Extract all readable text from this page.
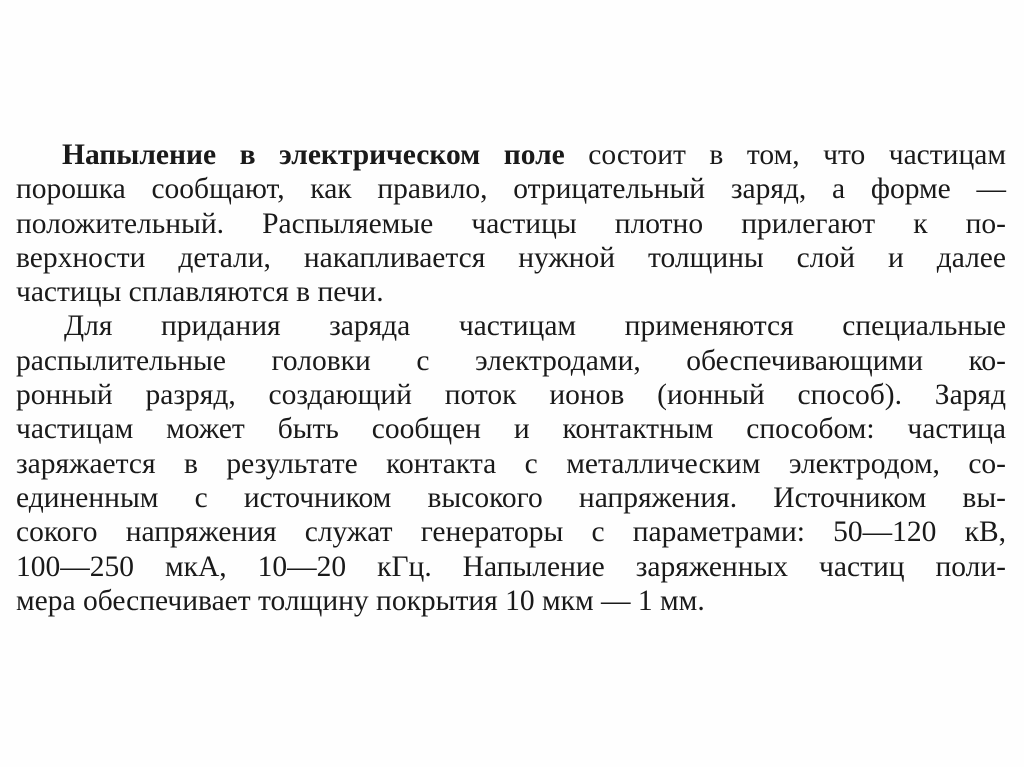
Напыление в электрическом поле состоит в том, что частицам
порошка сообщают, как правило, отрицательный заряд, а форме —
положительный. Распыляемые частицы плотно прилегают к по-
верхности детали, накапливается нужной толщины слой и далее
частицы сплавляются в печи.
Для придания заряда частицам применяются специальные
распылительные головки с электродами, обеспечивающими ко-
ронный разряд, создающий поток ионов (ионный способ). Заряд
частицам может быть сообщен и контактным способом: частица
заряжается в результате контакта с металлическим электродом, со-
единенным с источником высокого напряжения. Источником вы-
сокого напряжения служат генераторы с параметрами: 50—120 кВ,
100—250 мкА, 10—20 кГц. Напыление заряженных частиц поли-
мера обеспечивает толщину покрытия 10 мкм — 1 мм.
